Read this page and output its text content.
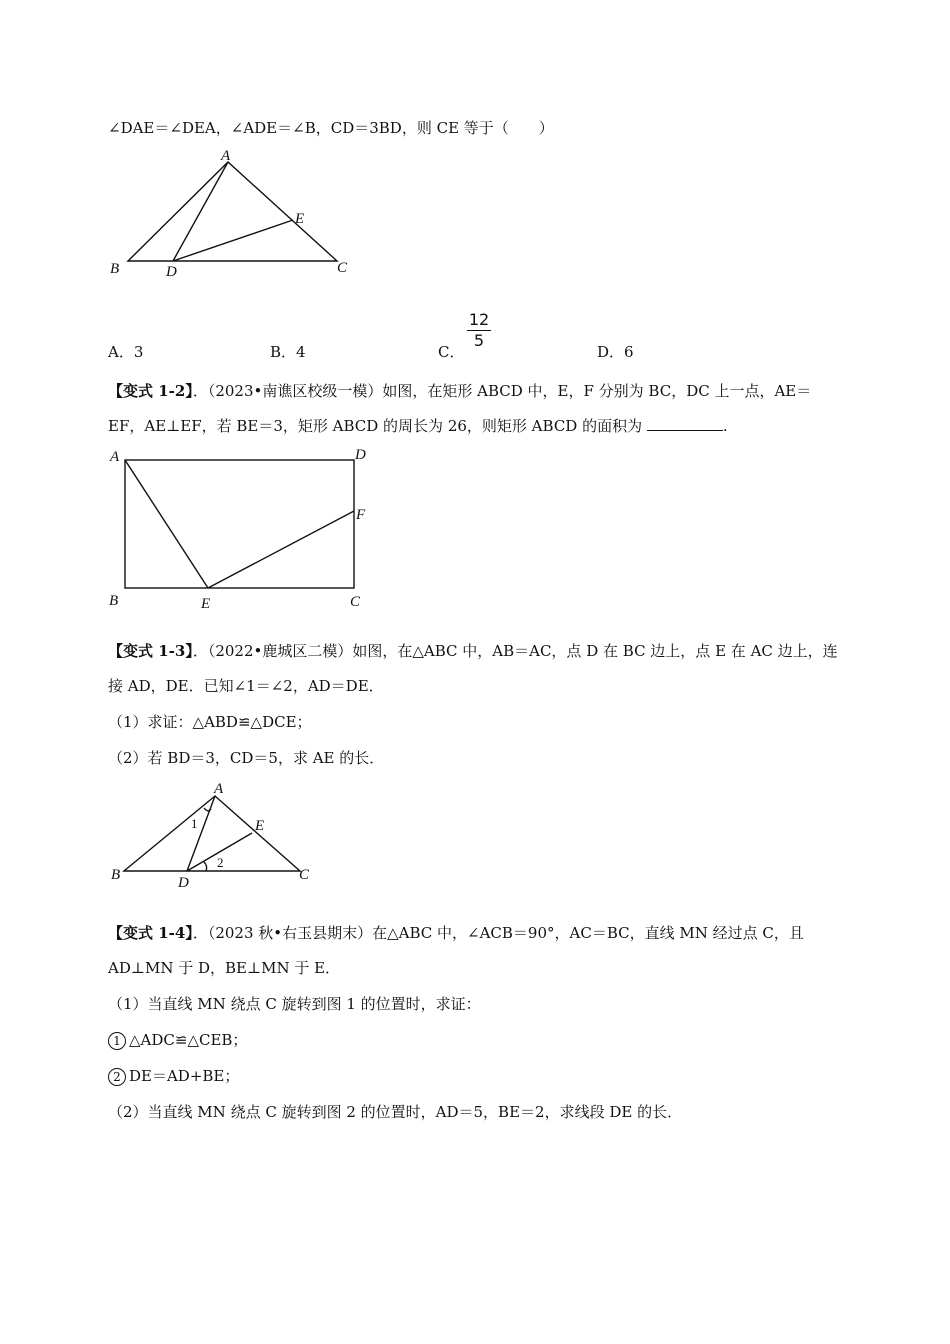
∠DAE＝∠DEA，∠ADE＝∠B，CD＝3BD，则 CE 等于（　　）
A
B	C
D
E
A．3	B．4	C．
12
5
D．6
【变式 1-2】．（2023•南谯区校级一模）如图，在矩形 ABCD 中，E，F 分别为 BC，DC 上一点，AE＝
EF，AE⊥EF，若 BE＝3，矩形 ABCD 的周长为 26，则矩形 ABCD 的面积为	.
A	D
F
B	E	C
【变式 1-3】．（2022•鹿城区二模）如图，在△ABC 中，AB＝AC，点 D 在 BC 边上，点 E 在 AC 边上，连
接 AD，DE．已知∠1＝∠2，AD＝DE．
（1）求证：△ABD≌△DCE；
（2）若 BD＝3，CD＝5，求 AE 的长．
A
E
B	D	C
1
2
【变式 1-4】．（2023 秋•右玉县期末）在△ABC 中，∠ACB＝90°，AC＝BC，直线 MN 经过点 C，且
AD⊥MN 于 D，BE⊥MN 于 E．
（1）当直线 MN 绕点 C 旋转到图 1 的位置时，求证：
1 △ADC≌△CEB；
2 DE＝AD+BE；
（2）当直线 MN 绕点 C 旋转到图 2 的位置时，AD＝5，BE＝2，求线段 DE 的长．
